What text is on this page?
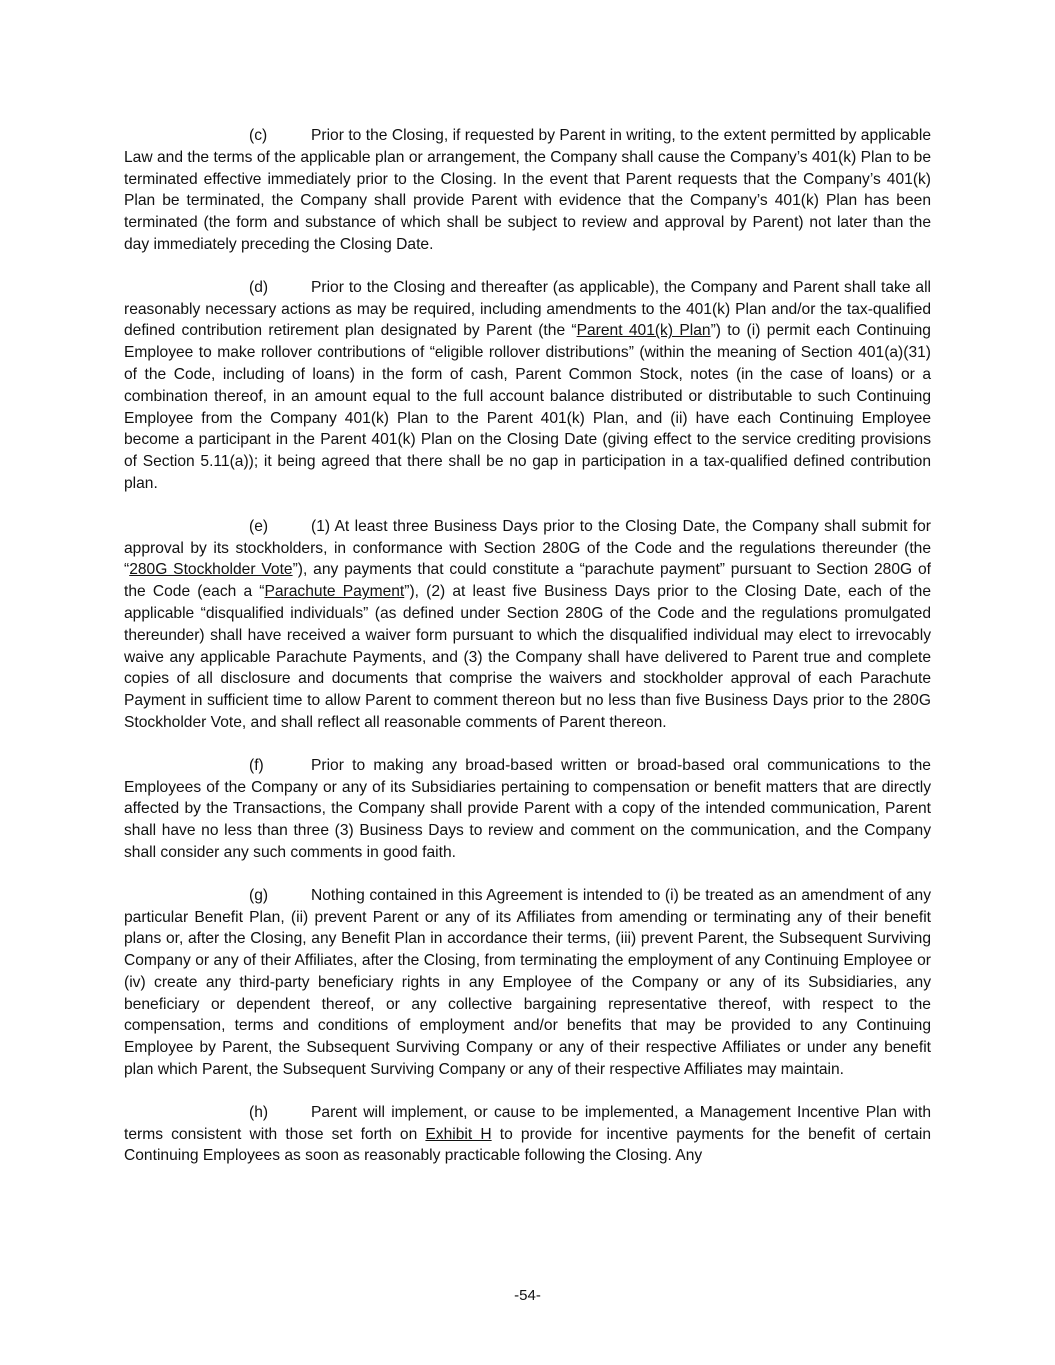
(c)	Prior to the Closing, if requested by Parent in writing, to the extent permitted by applicable Law and the terms of the applicable plan or arrangement, the Company shall cause the Company’s 401(k) Plan to be terminated effective immediately prior to the Closing. In the event that Parent requests that the Company’s 401(k) Plan be terminated, the Company shall provide Parent with evidence that the Company’s 401(k) Plan has been terminated (the form and substance of which shall be subject to review and approval by Parent) not later than the day immediately preceding the Closing Date.

(d)	Prior to the Closing and thereafter (as applicable), the Company and Parent shall take all reasonably necessary actions as may be required, including amendments to the 401(k) Plan and/or the tax-qualified defined contribution retirement plan designated by Parent (the “Parent 401(k) Plan”) to (i) permit each Continuing Employee to make rollover contributions of “eligible rollover distributions” (within the meaning of Section 401(a)(31) of the Code, including of loans) in the form of cash, Parent Common Stock, notes (in the case of loans) or a combination thereof, in an amount equal to the full account balance distributed or distributable to such Continuing Employee from the Company 401(k) Plan to the Parent 401(k) Plan, and (ii) have each Continuing Employee become a participant in the Parent 401(k) Plan on the Closing Date (giving effect to the service crediting provisions of Section 5.11(a)); it being agreed that there shall be no gap in participation in a tax-qualified defined contribution plan.

(e)	(1) At least three Business Days prior to the Closing Date, the Company shall submit for approval by its stockholders, in conformance with Section 280G of the Code and the regulations thereunder (the “280G Stockholder Vote”), any payments that could constitute a “parachute payment” pursuant to Section 280G of the Code (each a “Parachute Payment”), (2) at least five Business Days prior to the Closing Date, each of the applicable “disqualified individuals” (as defined under Section 280G of the Code and the regulations promulgated thereunder) shall have received a waiver form pursuant to which the disqualified individual may elect to irrevocably waive any applicable Parachute Payments, and (3) the Company shall have delivered to Parent true and complete copies of all disclosure and documents that comprise the waivers and stockholder approval of each Parachute Payment in sufficient time to allow Parent to comment thereon but no less than five Business Days prior to the 280G Stockholder Vote, and shall reflect all reasonable comments of Parent thereon.

(f)	Prior to making any broad-based written or broad-based oral communications to the Employees of the Company or any of its Subsidiaries pertaining to compensation or benefit matters that are directly affected by the Transactions, the Company shall provide Parent with a copy of the intended communication, Parent shall have no less than three (3) Business Days to review and comment on the communication, and the Company shall consider any such comments in good faith.

(g)	Nothing contained in this Agreement is intended to (i) be treated as an amendment of any particular Benefit Plan, (ii) prevent Parent or any of its Affiliates from amending or terminating any of their benefit plans or, after the Closing, any Benefit Plan in accordance their terms, (iii) prevent Parent, the Subsequent Surviving Company or any of their Affiliates, after the Closing, from terminating the employment of any Continuing Employee or (iv) create any third-party beneficiary rights in any Employee of the Company or any of its Subsidiaries, any beneficiary or dependent thereof, or any collective bargaining representative thereof, with respect to the compensation, terms and conditions of employment and/or benefits that may be provided to any Continuing Employee by Parent, the Subsequent Surviving Company or any of their respective Affiliates or under any benefit plan which Parent, the Subsequent Surviving Company or any of their respective Affiliates may maintain.

(h)	Parent will implement, or cause to be implemented, a Management Incentive Plan with terms consistent with those set forth on Exhibit H to provide for incentive payments for the benefit of certain Continuing Employees as soon as reasonably practicable following the Closing. Any

-54-
